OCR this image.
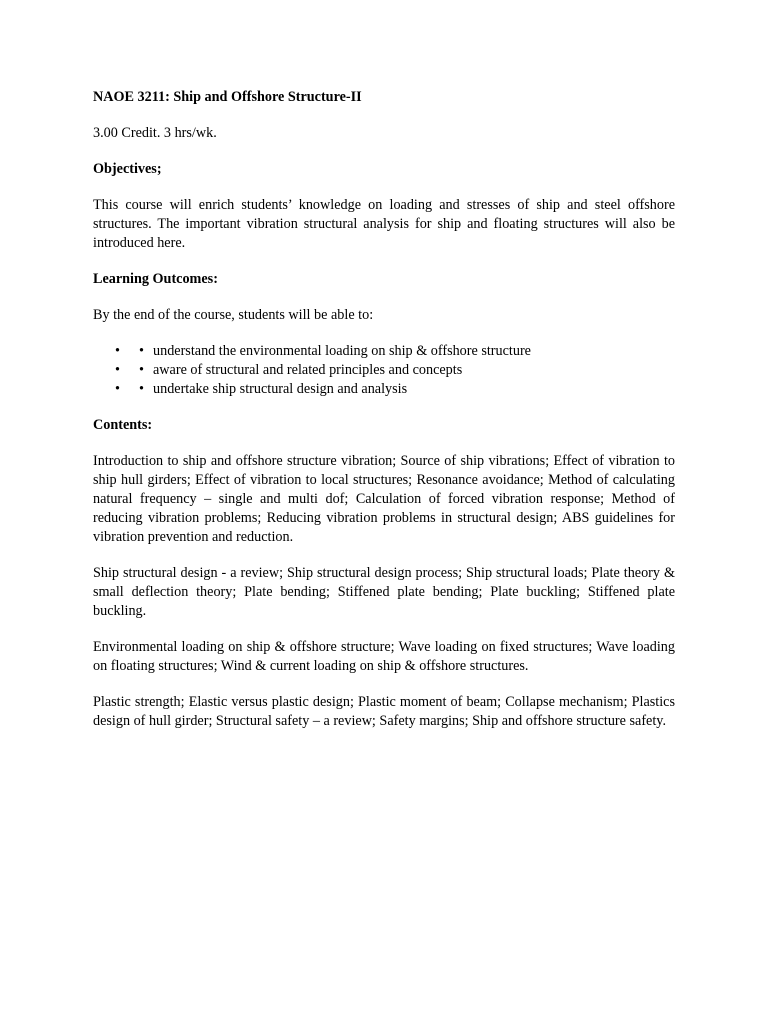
NAOE 3211: Ship and Offshore Structure-II

3.00 Credit. 3 hrs/wk.

Objectives;

This course will enrich students’ knowledge on loading and stresses of ship and steel offshore structures. The important vibration structural analysis for ship and floating structures will also be introduced here.

Learning Outcomes:

By the end of the course, students will be able to:

• • understand the environmental loading on ship & offshore structure
• • aware of structural and related principles and concepts
• • undertake ship structural design and analysis

Contents:

Introduction to ship and offshore structure vibration; Source of ship vibrations; Effect of vibration to ship hull girders; Effect of vibration to local structures; Resonance avoidance; Method of calculating natural frequency – single and multi dof; Calculation of forced vibration response; Method of reducing vibration problems; Reducing vibration problems in structural design; ABS guidelines for vibration prevention and reduction.

Ship structural design - a review; Ship structural design process; Ship structural loads; Plate theory & small deflection theory; Plate bending; Stiffened plate bending; Plate buckling; Stiffened plate buckling.

Environmental loading on ship & offshore structure; Wave loading on fixed structures; Wave loading on floating structures; Wind & current loading on ship & offshore structures.

Plastic strength; Elastic versus plastic design; Plastic moment of beam; Collapse mechanism; Plastics design of hull girder; Structural safety – a review; Safety margins; Ship and offshore structure safety.
